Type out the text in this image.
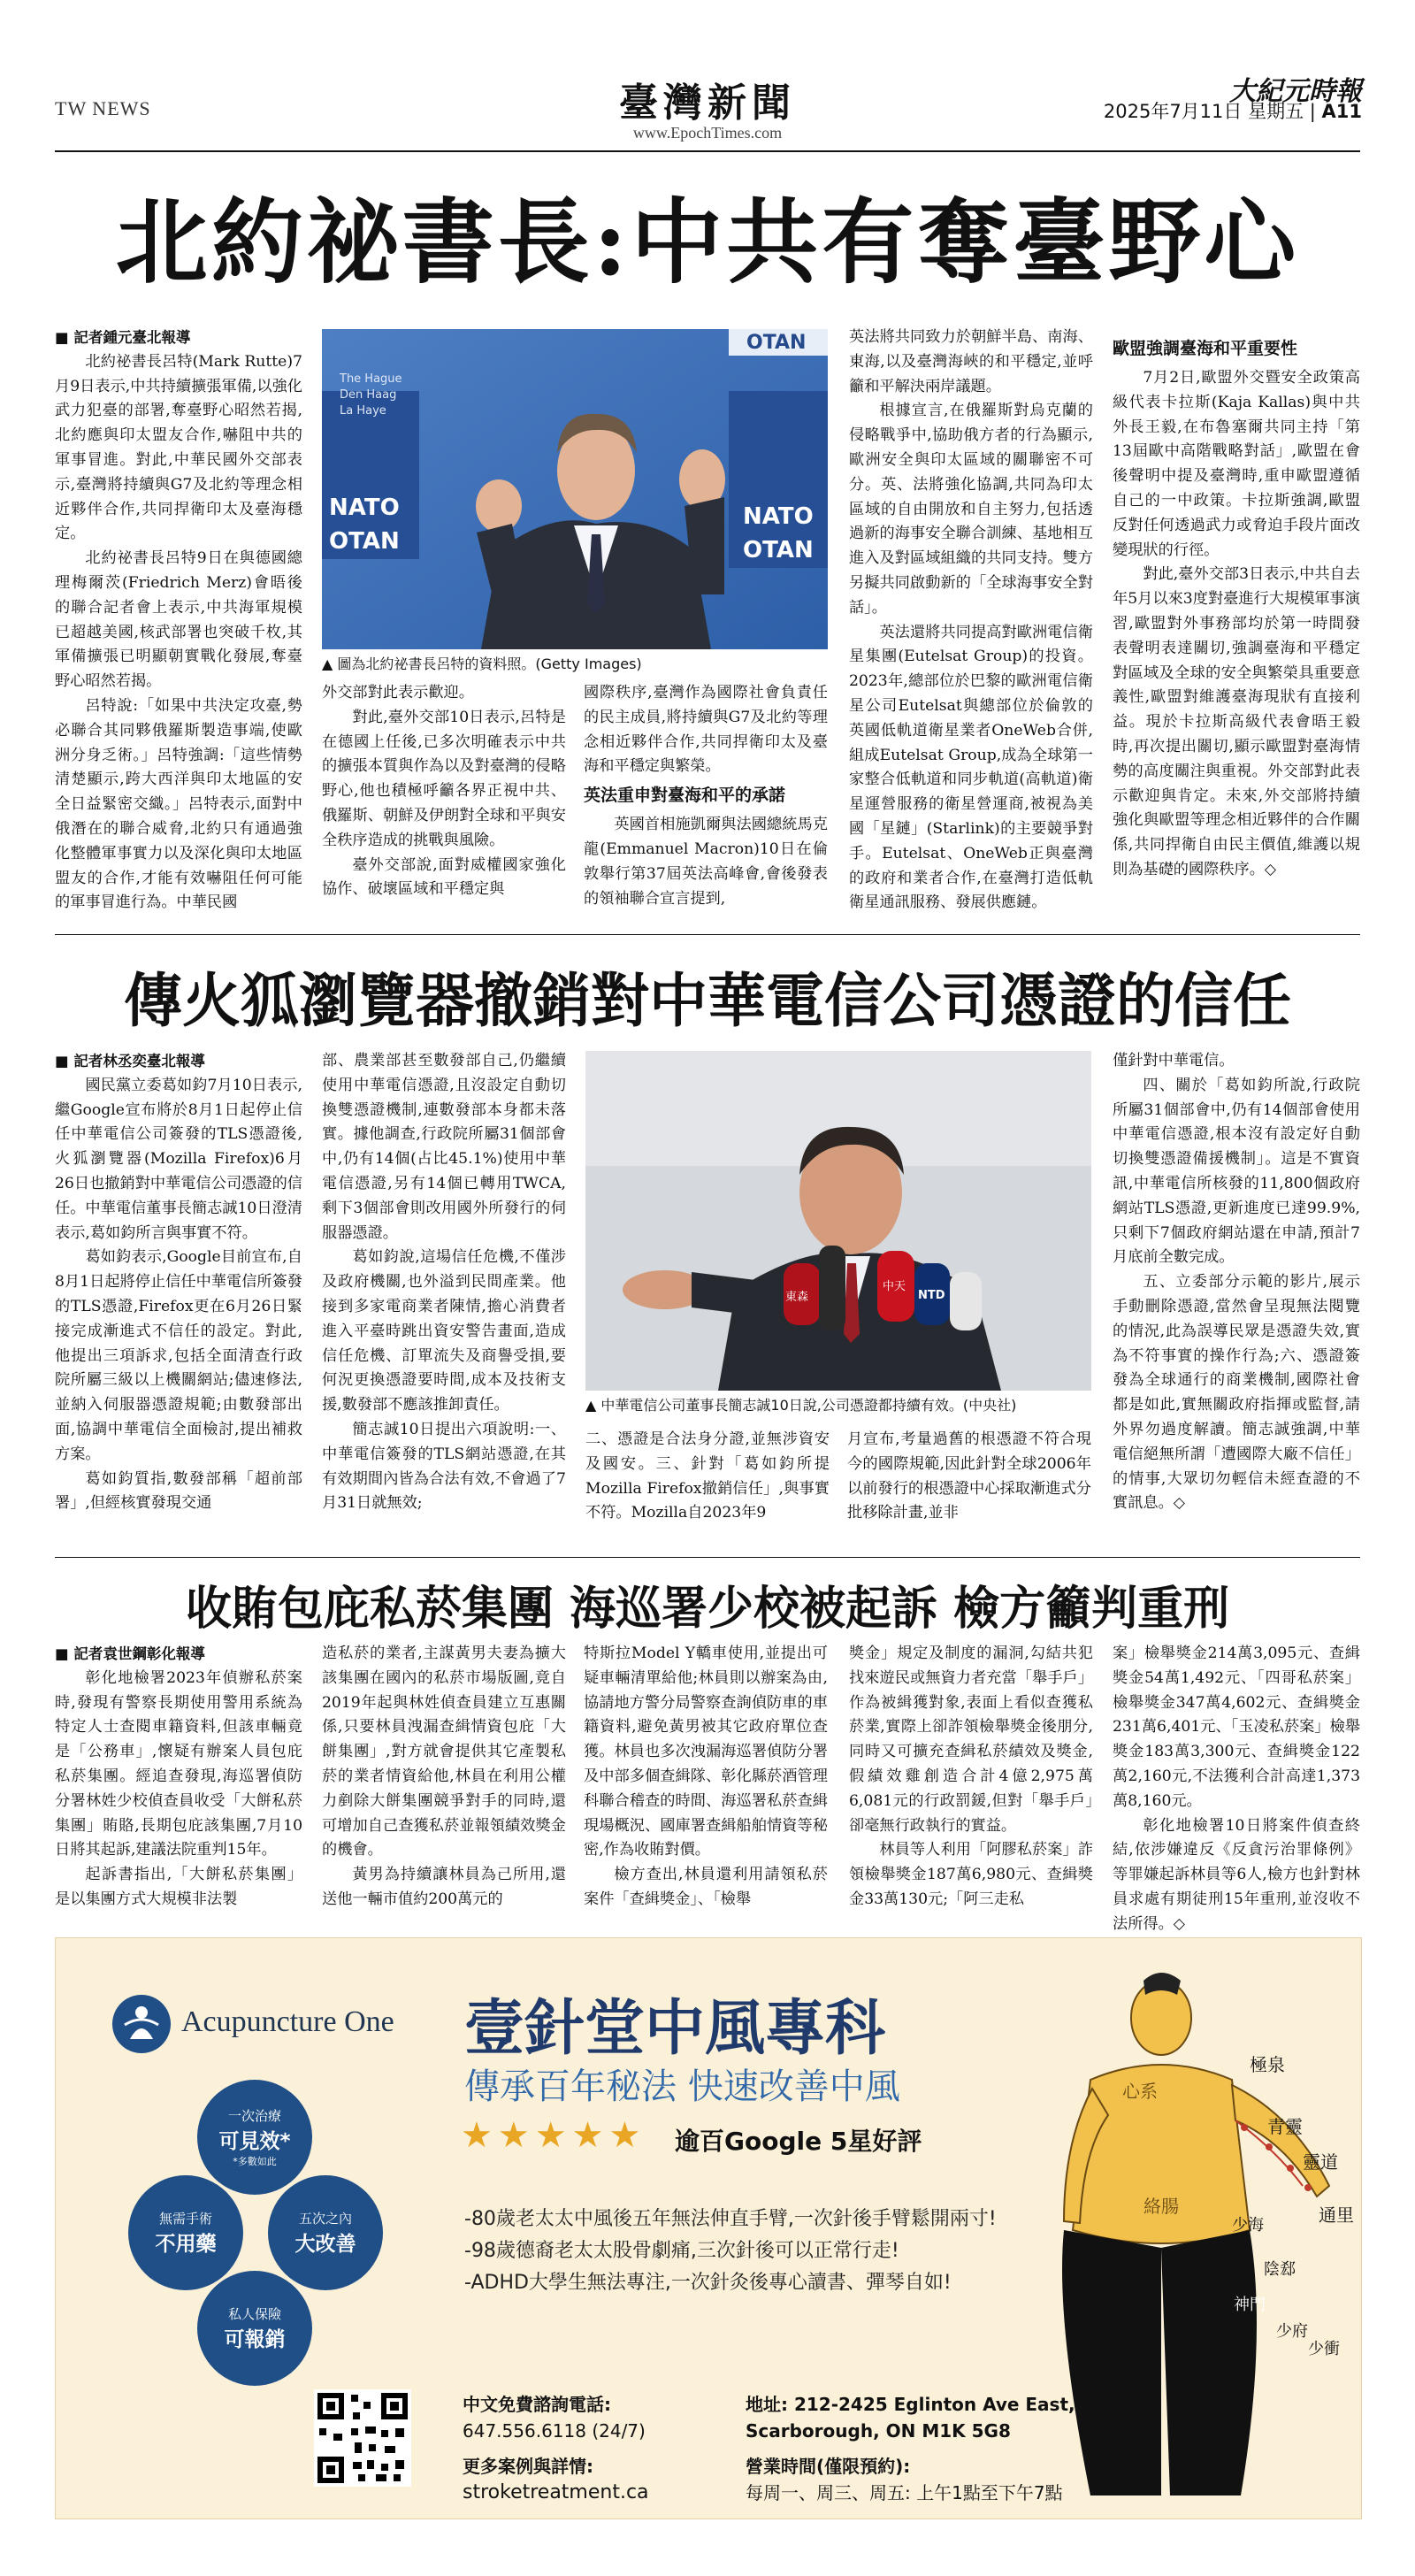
TW NEWS	臺灣新聞
www.EpochTimes.com
大紀元時報
2025年7月11日 星期五 | A11
北約祕書長:中共有奪臺野心

■ 記者鍾元臺北報導

北約祕書長呂特(Mark Rutte)7月9日表示,中共持續擴張軍備,以強化武力犯臺的部署,奪臺野心昭然若揭,北約應與印太盟友合作,嚇阻中共的軍事冒進。對此,中華民國外交部表示,臺灣將持續與G7及北約等理念相近夥伴合作,共同捍衛印太及臺海穩定。

北約祕書長呂特9日在與德國總理梅爾茨(Friedrich Merz)會晤後的聯合記者會上表示,中共海軍規模已超越美國,核武部署也突破千枚,其軍備擴張已明顯朝實戰化發展,奪臺野心昭然若揭。

呂特說:「如果中共決定攻臺,勢必聯合其同夥俄羅斯製造事端,使歐洲分身乏術。」呂特強調:「這些情勢清楚顯示,跨大西洋與印太地區的安全日益緊密交織。」呂特表示,面對中俄潛在的聯合威脅,北約只有通過強化整體軍事實力以及深化與印太地區盟友的合作,才能有效嚇阻任何可能的軍事冒進行為。中華民國

OTAN
NATO
OTAN
NATO
OTAN
The Hague
Den Haag
La Haye
▲ 圖為北約祕書長呂特的資料照。(Getty Images)

外交部對此表示歡迎。

對此,臺外交部10日表示,呂特是在德國上任後,已多次明確表示中共的擴張本質與作為以及對臺灣的侵略野心,他也積極呼籲各界正視中共、俄羅斯、朝鮮及伊朗對全球和平與安全秩序造成的挑戰與風險。

臺外交部說,面對威權國家強化協作、破壞區域和平穩定與

國際秩序,臺灣作為國際社會負責任的民主成員,將持續與G7及北約等理念相近夥伴合作,共同捍衛印太及臺海和平穩定與繁榮。

英法重申對臺海和平的承諾

英國首相施凱爾與法國總統馬克龍(Emmanuel Macron)10日在倫敦舉行第37屆英法高峰會,會後發表的領袖聯合宣言提到,

英法將共同致力於朝鮮半島、南海、東海,以及臺灣海峽的和平穩定,並呼籲和平解決兩岸議題。

根據宣言,在俄羅斯對烏克蘭的侵略戰爭中,協助俄方者的行為顯示,歐洲安全與印太區域的關聯密不可分。英、法將強化協調,共同為印太區域的自由開放和自主努力,包括透過新的海事安全聯合訓練、基地相互進入及對區域組織的共同支持。雙方另擬共同啟動新的「全球海事安全對話」。

英法還將共同提高對歐洲電信衛星集團(Eutelsat Group)的投資。2023年,總部位於巴黎的歐洲電信衛星公司Eutelsat與總部位於倫敦的英國低軌道衛星業者OneWeb合併,組成Eutelsat Group,成為全球第一家整合低軌道和同步軌道(高軌道)衛星運營服務的衛星營運商,被視為美國「星鏈」(Starlink)的主要競爭對手。Eutelsat、OneWeb正與臺灣的政府和業者合作,在臺灣打造低軌衛星通訊服務、發展供應鏈。

歐盟強調臺海和平重要性

7月2日,歐盟外交暨安全政策高級代表卡拉斯(Kaja Kallas)與中共外長王毅,在布魯塞爾共同主持「第13屆歐中高階戰略對話」,歐盟在會後聲明中提及臺灣時,重申歐盟遵循自己的一中政策。卡拉斯強調,歐盟反對任何透過武力或脅迫手段片面改變現狀的行徑。

對此,臺外交部3日表示,中共自去年5月以來3度對臺進行大規模軍事演習,歐盟對外事務部均於第一時間發表聲明表達關切,強調臺海和平穩定對區域及全球的安全與繁榮具重要意義性,歐盟對維護臺海現狀有直接利益。現於卡拉斯高級代表會晤王毅時,再次提出關切,顯示歐盟對臺海情勢的高度關注與重視。外交部對此表示歡迎與肯定。未來,外交部將持續強化與歐盟等理念相近夥伴的合作關係,共同捍衛自由民主價值,維護以規則為基礎的國際秩序。◇

傳火狐瀏覽器撤銷對中華電信公司憑證的信任

■ 記者林丞奕臺北報導

國民黨立委葛如鈞7月10日表示,繼Google宣布將於8月1日起停止信任中華電信公司簽發的TLS憑證後,火狐瀏覽器(Mozilla Firefox)6月26日也撤銷對中華電信公司憑證的信任。中華電信董事長簡志誠10日澄清表示,葛如鈞所言與事實不符。

葛如鈞表示,Google目前宣布,自8月1日起將停止信任中華電信所簽發的TLS憑證,Firefox更在6月26日緊接完成漸進式不信任的設定。對此,他提出三項訴求,包括全面清查行政院所屬三級以上機關網站;儘速修法,並納入伺服器憑證規範;由數發部出面,協調中華電信全面檢討,提出補救方案。

葛如鈞質指,數發部稱「超前部署」,但經核實發現交通

部、農業部甚至數發部自己,仍繼續使用中華電信憑證,且沒設定自動切換雙憑證機制,連數發部本身都未落實。據他調查,行政院所屬31個部會中,仍有14個(占比45.1%)使用中華電信憑證,另有14個已轉用TWCA,剩下3個部會則改用國外所發行的伺服器憑證。

葛如鈞說,這場信任危機,不僅涉及政府機關,也外溢到民間產業。他接到多家電商業者陳情,擔心消費者進入平臺時跳出資安警告畫面,造成信任危機、訂單流失及商譽受損,要何況更換憑證要時間,成本及技術支援,數發部不應該推卸責任。

簡志誠10日提出六項說明:一、中華電信簽發的TLS網站憑證,在其有效期間內皆為合法有效,不會過了7月31日就無效;

東森	NTD
中天
▲ 中華電信公司董事長簡志誠10日說,公司憑證都持續有效。(中央社)

二、憑證是合法身分證,並無涉資安及國安。三、針對「葛如鈞所提Mozilla Firefox撤銷信任」,與事實不符。Mozilla自2023年9

月宣布,考量過舊的根憑證不符合現今的國際規範,因此針對全球2006年以前發行的根憑證中心採取漸進式分批移除計畫,並非

僅針對中華電信。

四、關於「葛如鈞所說,行政院所屬31個部會中,仍有14個部會使用中華電信憑證,根本沒有設定好自動切換雙憑證備援機制」。這是不實資訊,中華電信所核發的11,800個政府網站TLS憑證,更新進度已達99.9%,只剩下7個政府網站還在申請,預計7月底前全數完成。

五、立委部分示範的影片,展示手動刪除憑證,當然會呈現無法閱覽的情況,此為誤導民眾是憑證失效,實為不符事實的操作行為;六、憑證簽發為全球通行的商業機制,國際社會都是如此,實無關政府指揮或監督,請外界勿過度解讀。簡志誠強調,中華電信絕無所謂「遭國際大廠不信任」的情事,大眾切勿輕信未經查證的不實訊息。◇

收賄包庇私菸集團 海巡署少校被起訴 檢方籲判重刑

■ 記者袁世鋼彰化報導

彰化地檢署2023年偵辦私菸案時,發現有警察長期使用警用系統為特定人士查閱車籍資料,但該車輛竟是「公務車」,懷疑有辦案人員包庇私菸集團。經追查發現,海巡署偵防分署林姓少校偵查員收受「大餅私菸集團」賄賂,長期包庇該集團,7月10日將其起訴,建議法院重判15年。

起訴書指出,「大餅私菸集團」是以集團方式大規模非法製

造私菸的業者,主謀黃男夫妻為擴大該集團在國內的私菸市場版圖,竟自2019年起與林姓偵查員建立互惠關係,只要林員洩漏查緝情資包庇「大餅集團」,對方就會提供其它產製私菸的業者情資給他,林員在利用公權力剷除大餅集團競爭對手的同時,還可增加自己查獲私菸並報領績效獎金的機會。

黃男為持續讓林員為己所用,還送他一輛市值約200萬元的

特斯拉Model Y轎車使用,並提出可疑車輛清單給他;林員則以辦案為由,協請地方警分局警察查詢偵防車的車籍資料,避免黃男被其它政府單位查獲。林員也多次洩漏海巡署偵防分署及中部多個查緝隊、彰化縣菸酒管理科聯合稽查的時間、海巡署私菸查緝現場概況、國庫署查緝船舶情資等秘密,作為收賄對價。

檢方查出,林員還利用請領私菸案件「查緝獎金」、「檢舉

獎金」規定及制度的漏洞,勾結共犯找來遊民或無資力者充當「舉手戶」作為被緝獲對象,表面上看似查獲私菸業,實際上卻詐領檢舉獎金後朋分,同時又可擴充查緝私菸績效及獎金,假績效雞創造合計4億2,975萬6,081元的行政罰鍰,但對「舉手戶」卻毫無行政執行的實益。

林員等人利用「阿膠私菸案」詐領檢舉獎金187萬6,980元、查緝獎金33萬130元;「阿三走私

案」檢舉獎金214萬3,095元、查緝獎金54萬1,492元、「四哥私菸案」檢舉獎金347萬4,602元、查緝獎金231萬6,401元、「玉凌私菸案」檢舉獎金183萬3,300元、查緝獎金122萬2,160元,不法獲利合計高達1,373萬8,160元。

彰化地檢署10日將案件偵查終結,依涉嫌違反《反貪污治罪條例》等罪嫌起訴林員等6人,檢方也針對林員求處有期徒刑15年重刑,並沒收不法所得。◇

Acupuncture One 壹針堂中風專科
傳承百年秘法 快速改善中風
★★★★★ 逾百Google 5星好評
一次治療
可見效*
*多數如此
無需手術
不用藥
五次之內
大改善
私人保險
可報銷
-80歲老太太中風後五年無法伸直手臂,一次針後手臂鬆開兩寸!
-98歲德裔老太太股骨劇痛,三次針後可以正常行走!
-ADHD大學生無法專注,一次針灸後專心讀書、彈琴自如!
中文免費諮詢電話:
647.556.6118 (24/7)
更多案例與詳情:
stroketreatment.ca
地址: 212-2425 Eglinton Ave East,
Scarborough, ON M1K 5G8
營業時間(僅限預約):
每周一、周三、周五: 上午1點至下午7點
極泉
青靈
靈道
通里
少海
陰郄
神門
少府
少衝
心系
絡腸
